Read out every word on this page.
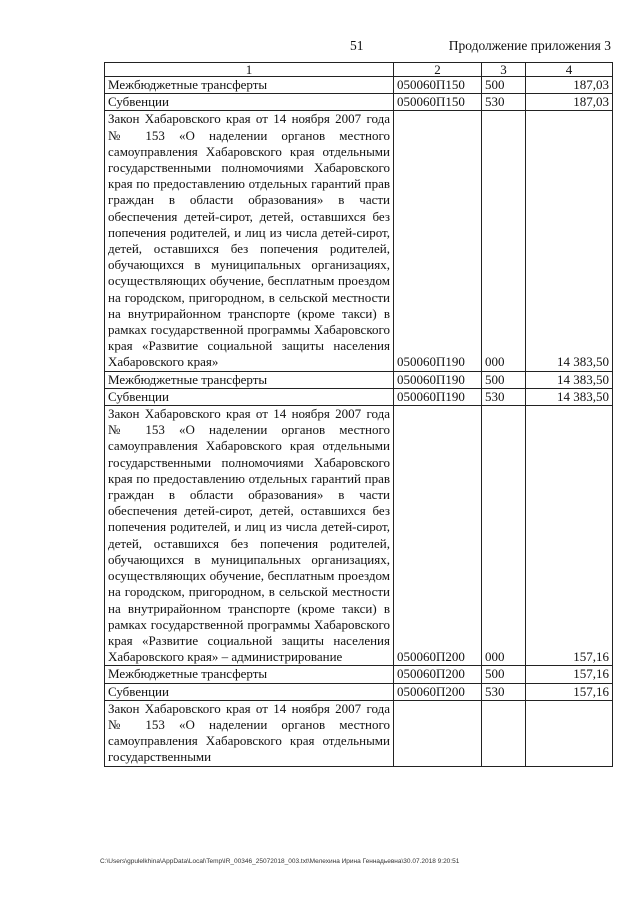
51	Продолжение приложения 3
1	2	3	4
Межбюджетные трансферты	050060П150	500	187,03
Субвенции	050060П150	530	187,03
Закон Хабаровского края от 14 ноября 2007 года № 153 «О наделении органов местного самоуправления Хабаровского края отдельными государственными полномочиями Хабаровского края по предоставлению отдельных гарантий прав граждан в области образования» в части обеспечения детей-сирот, детей, оставшихся без попечения родителей, и лиц из числа детей-сирот, детей, оставшихся без попечения родителей, обучающихся в муниципальных организациях, осуществляющих обучение, бесплатным проездом на городском, пригородном, в сельской местности на внутрирайонном транспорте (кроме такси) в рамках государственной программы Хабаровского края «Развитие социальной защиты населения Хабаровского края»	050060П190	000	14 383,50
Межбюджетные трансферты	050060П190	500	14 383,50
Субвенции	050060П190	530	14 383,50
Закон Хабаровского края от 14 ноября 2007 года № 153 «О наделении органов местного самоуправления Хабаровского края отдельными государственными полномочиями Хабаровского края по предоставлению отдельных гарантий прав граждан в области образования» в части обеспечения детей-сирот, детей, оставшихся без попечения родителей, и лиц из числа детей-сирот, детей, оставшихся без попечения родителей, обучающихся в муниципальных организациях, осуществляющих обучение, бесплатным проездом на городском, пригородном, в сельской местности на внутрирайонном транспорте (кроме такси) в рамках государственной программы Хабаровского края «Развитие социальной защиты населения Хабаровского края» – администрирование	050060П200	000	157,16
Межбюджетные трансферты	050060П200	500	157,16
Субвенции	050060П200	530	157,16
Закон Хабаровского края от 14 ноября 2007 года № 153 «О наделении органов местного самоуправления Хабаровского края отдельными государственными			
C:\Users\gpulelkhina\AppData\Local\Temp\IR_00346_25072018_003.txt\Мелехина Ирина Геннадьевна\30.07.2018 9:20:51
